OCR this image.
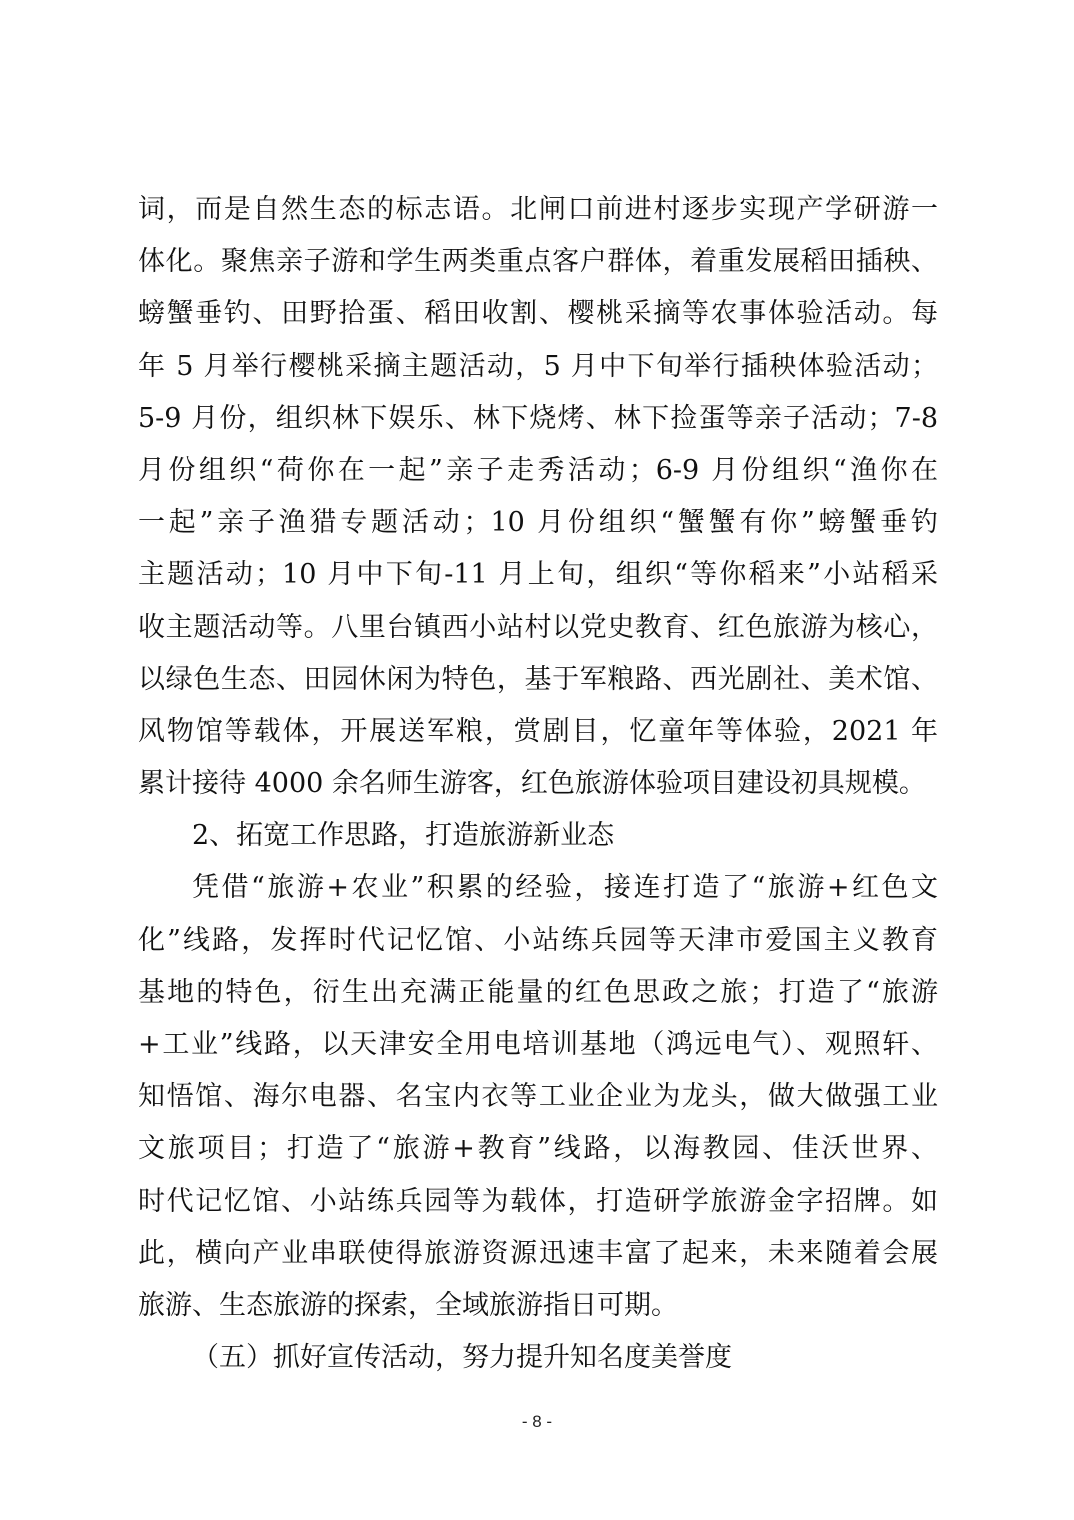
词，而是自然生态的标志语。北闸口前进村逐步实现产学研游一
体化。聚焦亲子游和学生两类重点客户群体，着重发展稻田插秧、
螃蟹垂钓、田野拾蛋、稻田收割、樱桃采摘等农事体验活动。每
年 5 月举行樱桃采摘主题活动，5 月中下旬举行插秧体验活动；
5-9 月份，组织林下娱乐、林下烧烤、林下捡蛋等亲子活动；7-8
月份组织“荷你在一起”亲子走秀活动；6-9 月份组织“渔你在
一起”亲子渔猎专题活动；10 月份组织“蟹蟹有你”螃蟹垂钓
主题活动；10 月中下旬-11 月上旬，组织“等你稻来”小站稻采
收主题活动等。八里台镇西小站村以党史教育、红色旅游为核心，
以绿色生态、田园休闲为特色，基于军粮路、西光剧社、美术馆、
风物馆等载体，开展送军粮，赏剧目，忆童年等体验，2021 年
累计接待 4000 余名师生游客，红色旅游体验项目建设初具规模。
2、拓宽工作思路，打造旅游新业态
凭借“旅游+农业”积累的经验，接连打造了“旅游+红色文
化”线路，发挥时代记忆馆、小站练兵园等天津市爱国主义教育
基地的特色，衍生出充满正能量的红色思政之旅；打造了“旅游
+工业”线路，以天津安全用电培训基地（鸿远电气）、观照轩、
知悟馆、海尔电器、名宝内衣等工业企业为龙头，做大做强工业
文旅项目；打造了“旅游+教育”线路，以海教园、佳沃世界、
时代记忆馆、小站练兵园等为载体，打造研学旅游金字招牌。如
此，横向产业串联使得旅游资源迅速丰富了起来，未来随着会展
旅游、生态旅游的探索，全域旅游指日可期。
（五）抓好宣传活动，努力提升知名度美誉度
- 8 -
